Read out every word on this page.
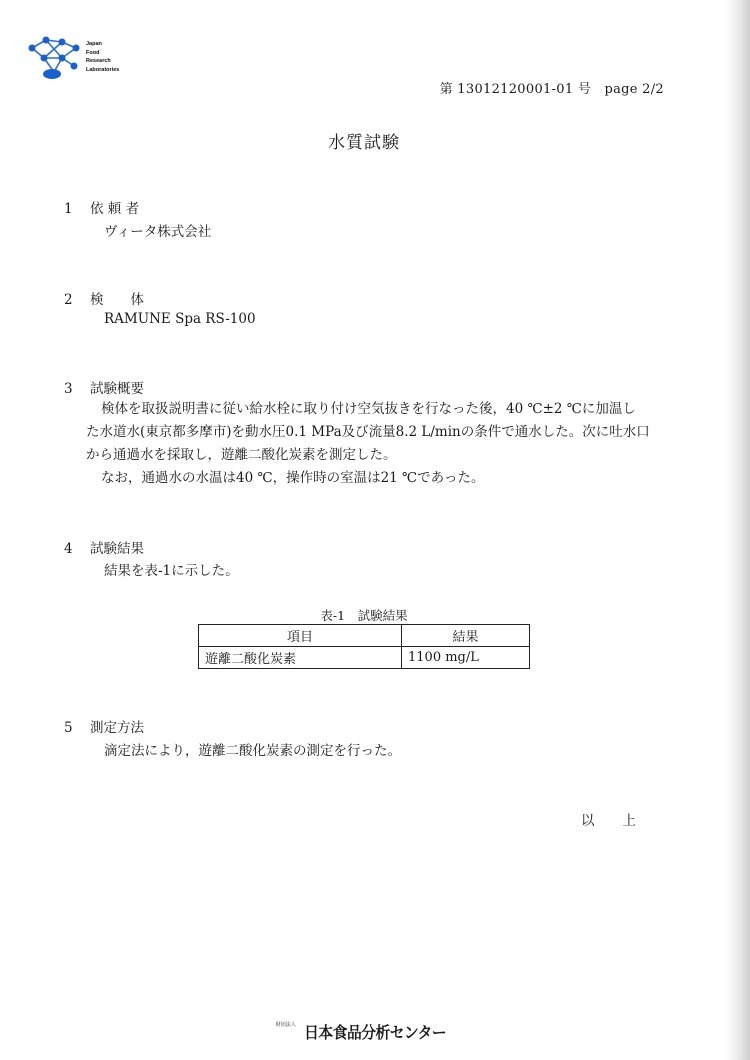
Japan
Food
Research
Laboratories
第 13012120001-01 号　page 2/2
水質試験
1 依 頼 者
ヴィータ株式会社
2 検　　体
RAMUNE Spa RS-100
3 試験概要
検体を取扱説明書に従い給水栓に取り付け空気抜きを行なった後，40 ℃±2 ℃に加温し
た水道水(東京都多摩市)を動水圧0.1 MPa及び流量8.2 L/minの条件で通水した。次に吐水口
から通過水を採取し，遊離二酸化炭素を測定した。
なお，通過水の水温は40 ℃，操作時の室温は21 ℃であった。
4 試験結果
結果を表-1に示した。
表-1　試験結果
項目	結果
遊離二酸化炭素	1100 mg/L
5 測定方法
滴定法により，遊離二酸化炭素の測定を行った。
以上
財団法人 日本食品分析センター
